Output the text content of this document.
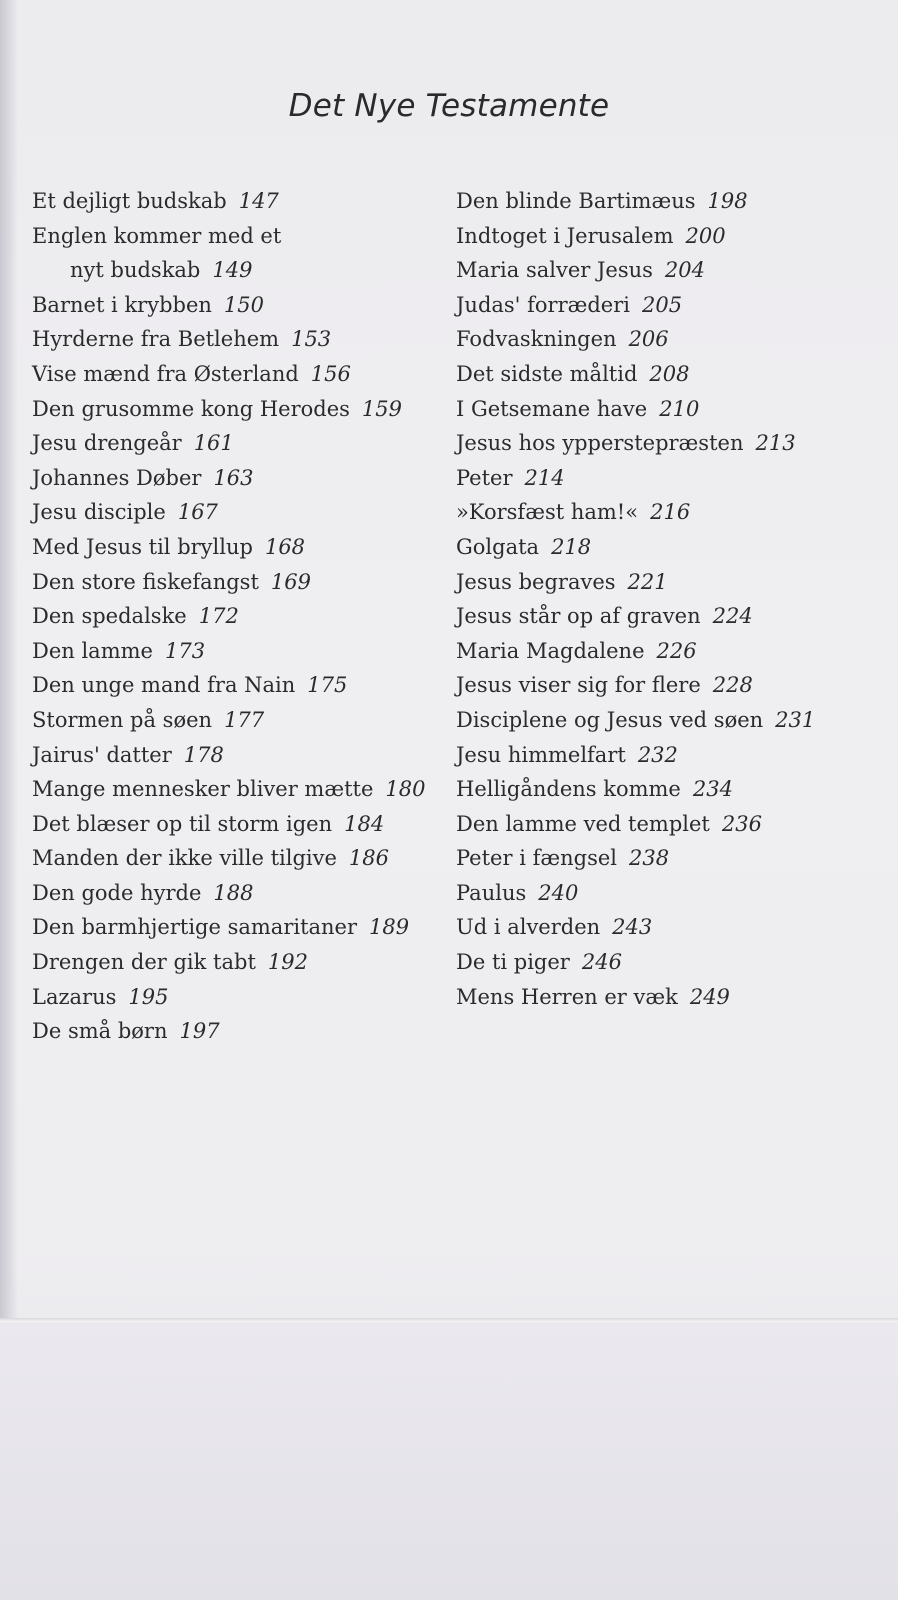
Det Nye Testamente
Et dejligt budskab 147
Englen kommer med et
nyt budskab 149
Barnet i krybben 150
Hyrderne fra Betlehem 153
Vise mænd fra Østerland 156
Den grusomme kong Herodes 159
Jesu drengeår 161
Johannes Døber 163
Jesu disciple 167
Med Jesus til bryllup 168
Den store fiskefangst 169
Den spedalske 172
Den lamme 173
Den unge mand fra Nain 175
Stormen på søen 177
Jairus' datter 178
Mange mennesker bliver mætte 180
Det blæser op til storm igen 184
Manden der ikke ville tilgive 186
Den gode hyrde 188
Den barmhjertige samaritaner 189
Drengen der gik tabt 192
Lazarus 195
De små børn 197
Den blinde Bartimæus 198
Indtoget i Jerusalem 200
Maria salver Jesus 204
Judas' forræderi 205
Fodvaskningen 206
Det sidste måltid 208
I Getsemane have 210
Jesus hos ypperstepræsten 213
Peter 214
»Korsfæst ham!« 216
Golgata 218
Jesus begraves 221
Jesus står op af graven 224
Maria Magdalene 226
Jesus viser sig for flere 228
Disciplene og Jesus ved søen 231
Jesu himmelfart 232
Helligåndens komme 234
Den lamme ved templet 236
Peter i fængsel 238
Paulus 240
Ud i alverden 243
De ti piger 246
Mens Herren er væk 249
